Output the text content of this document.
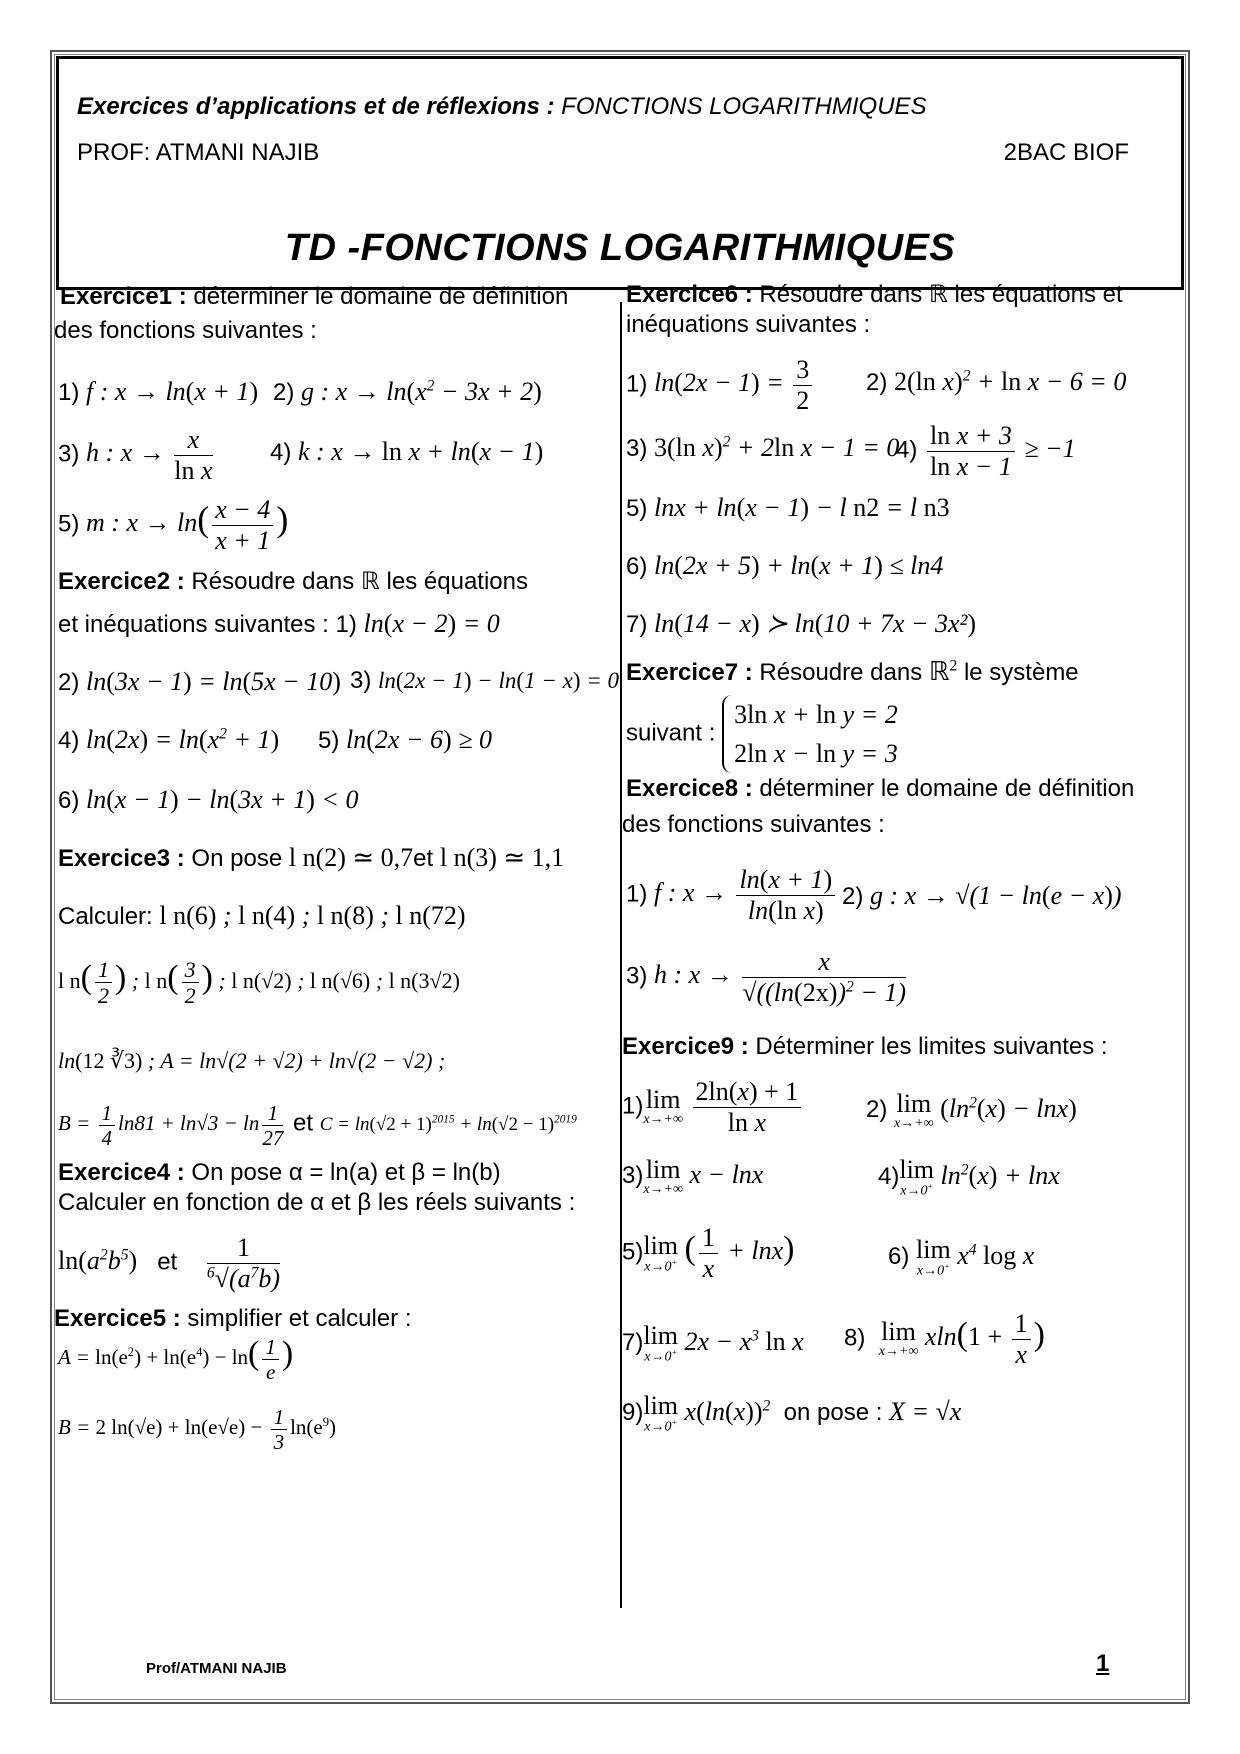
Exercices d’applications et de réflexions : FONCTIONS LOGARITHMIQUES
PROF: ATMANI NAJIB	2BAC BIOF
TD -FONCTIONS LOGARITHMIQUES
Exercice1 : déterminer le domaine de définition
des fonctions suivantes :
1) f : x → ln(x + 1) 2) g : $x \to \ln(x^2 - 3x + 2)$
3) h : $x \to \frac{x}{\text{ln x}} 4$) k : x → ln x + ln(x − 1)
5) m : $x \to \ln( \frac{x - 4}{x + 1}$ )
Exercice2 : Résoudre dans ℝ les équations
et inéquations suivantes : 1) ln(x − 2) = 0
2) ln(3x − 1) = ln(5x − 10) 3) ln(2x − 1) − ln(1 − x) = 0
4) $\ln(2x) = \ln(x^2 + 1)$ 5) ln(2x − 6) ≥ 0
6) ln(x − 1) − ln(3x + 1) < 0
Exercice3 : On pose l n(2) ≃ 0,7et l n(3) ≃ 1,1
Calculer: l n(6) ; l n(4) ; l n(8) ; l n(72)
l $n( \frac{1}{2}$ ) ; l $n( \frac{3}{2}$ ) ; l n(√2) ; l n(√6) ; l n(3√2)
ln(12 ∛3) ; A = ln√(2 + √2) + ln√(2 − √2) ;
$B = \frac{1}{4} \ln 81 + \ln√3 - \ln \frac{1}{27}$ et $C = \ln(√2 + 1)^{2015} + \ln(√2 - 1)^{2019}$
Exercice4 : On pose α = ln(a) et β = ln(b)
Calculer en fonction de α et β les réels suivants :
$\ln(a^2b^5)$ et $\frac{1}{^6√(a^7b)}$
Exercice5 : simplifier et calculer :
$A = \ln(e^2) + \ln(e^4) - \ln( \frac{1}{e}$ )
B = 2 $\ln(√e) + \ln(e√e) - \frac{1}{3} \ln(e^9)$
Exercice6 : Résoudre dans ℝ les équations et
inéquations suivantes :
1) $\ln(2x - 1) = \frac{3}{2} 2$) 2(ln x)$^2$ + ln x − 6 = 0
3) 3(ln x)$^2$ + 2ln x − 1 = 0
$4) \frac{\text{ln x + 3}}{\text{ln x − 1}} \ge -1$
5) lnx + ln(x − 1) − l n2 = l n3
6) ln(2x + 5) + ln(x + 1) ≤ ln4
7) ln(14 − x) ≻ ln(10 + 7x − 3x²)
Exercice7 : Résoudre dans ℝ$^2$ le système
suivant : 3ln x + ln y = 2
2ln x − ln y = 3
Exercice8 : déterminer le domaine de définition
des fonctions suivantes :
1) f : $x \to \frac{\ln(x + 1)}{\text{ln(ln x)}} 2$) g : x → √(1 − ln(e − x))
3) h : $x \to \frac{x}{√((\ln(2x))^2 - 1)}$
Exercice9 : Déterminer les limites suivantes :
1)lim
x→+∞
$\frac{2\ln(x) + 1}{\text{ln x}}$	2) lim
x→+∞
$(\ln^2(x) - \ln x)$
3)lim
x→+∞
x − lnx	4)lim
x→0+ $\ln^2(x) + \ln x$
5)lim
x→0+ ( $\frac{1}{x} + \ln x$)	6) lim
x→0+ $x^4$ log x
7)lim
x→0+ $2x - x^3$ ln x 8) lim
x→+∞
$xln(1 + \frac{1}{x}$ )
9)lim
x→0+ $x(\ln(x))^2$ on pose : X = √x
Prof/ATMANI NAJIB	1
